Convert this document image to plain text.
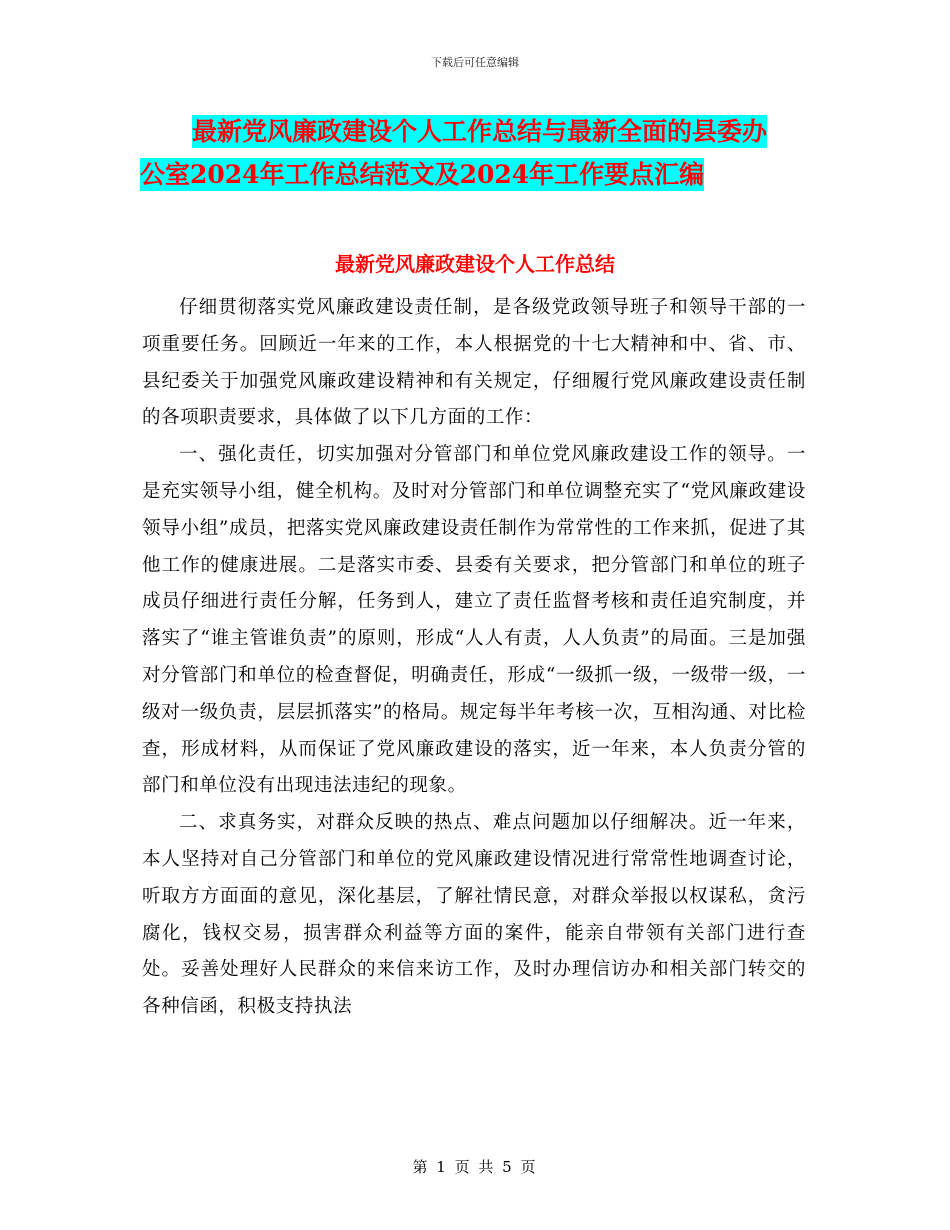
下载后可任意编辑
最新党风廉政建设个人工作总结与最新全面的县委办
公室2024年工作总结范文及2024年工作要点汇编
最新党风廉政建设个人工作总结

仔细贯彻落实党风廉政建设责任制，是各级党政领导班子和领导干部的一项重要任务。回顾近一年来的工作，本人根据党的十七大精神和中、省、市、县纪委关于加强党风廉政建设精神和有关规定，仔细履行党风廉政建设责任制的各项职责要求，具体做了以下几方面的工作：

一、强化责任，切实加强对分管部门和单位党风廉政建设工作的领导。一是充实领导小组，健全机构。及时对分管部门和单位调整充实了“党风廉政建设领导小组”成员，把落实党风廉政建设责任制作为常常性的工作来抓，促进了其他工作的健康进展。二是落实市委、县委有关要求，把分管部门和单位的班子成员仔细进行责任分解，任务到人，建立了责任监督考核和责任追究制度，并落实了“谁主管谁负责”的原则，形成“人人有责，人人负责”的局面。三是加强对分管部门和单位的检查督促，明确责任，形成“一级抓一级，一级带一级，一级对一级负责，层层抓落实”的格局。规定每半年考核一次，互相沟通、对比检查，形成材料，从而保证了党风廉政建设的落实，近一年来，本人负责分管的部门和单位没有出现违法违纪的现象。

二、求真务实，对群众反映的热点、难点问题加以仔细解决。近一年来，本人坚持对自己分管部门和单位的党风廉政建设情况进行常常性地调查讨论，听取方方面面的意见，深化基层，了解社情民意，对群众举报以权谋私，贪污腐化，钱权交易，损害群众利益等方面的案件，能亲自带领有关部门进行查处。妥善处理好人民群众的来信来访工作，及时办理信访办和相关部门转交的各种信函，积极支持执法

第 1 页 共 5 页
